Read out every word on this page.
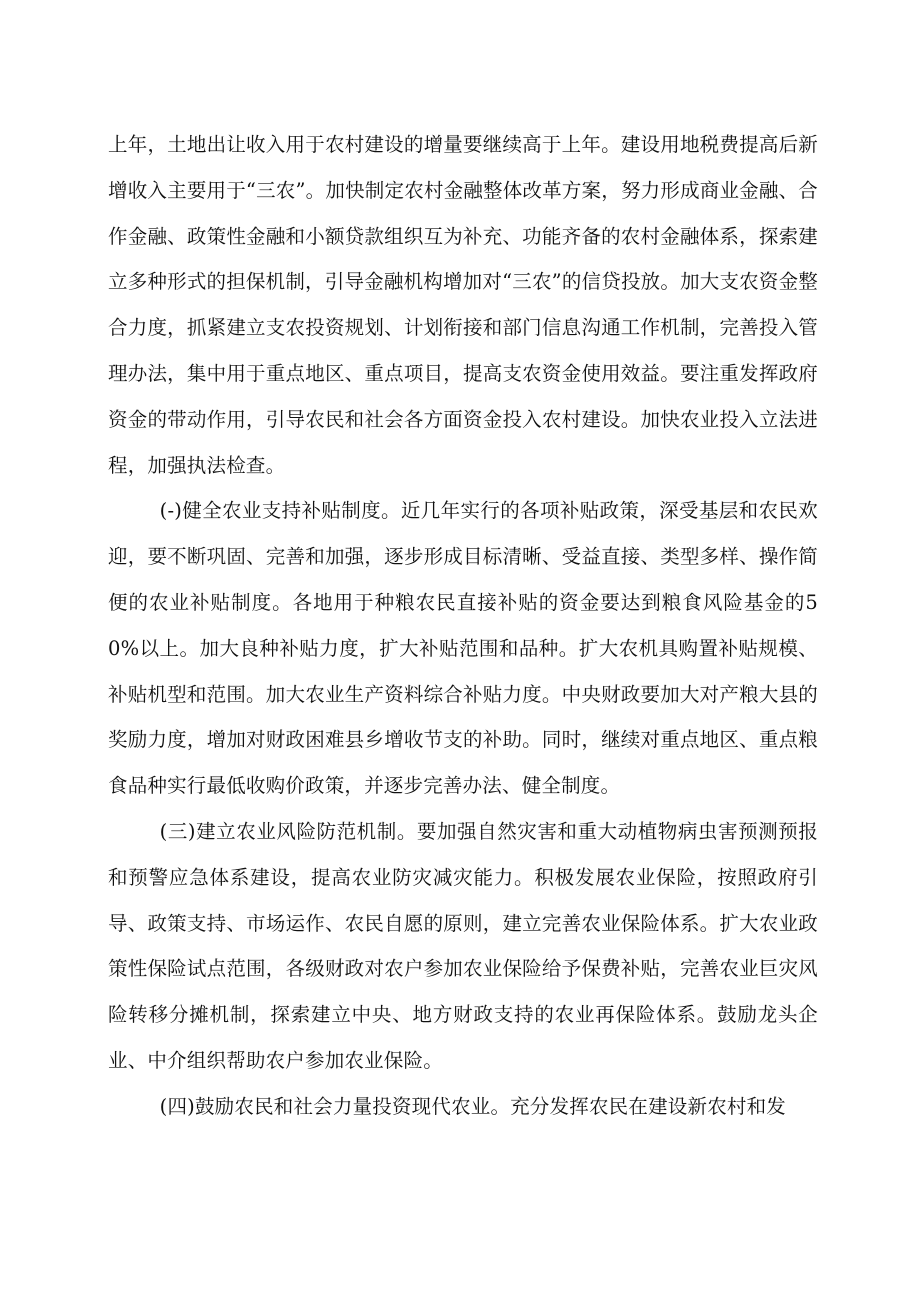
上年，土地出让收入用于农村建设的增量要继续高于上年。建设用地税费提高后新增收入主要用于“三农”。加快制定农村金融整体改革方案，努力形成商业金融、合作金融、政策性金融和小额贷款组织互为补充、功能齐备的农村金融体系，探索建立多种形式的担保机制，引导金融机构增加对“三农”的信贷投放。加大支农资金整合力度，抓紧建立支农投资规划、计划衔接和部门信息沟通工作机制，完善投入管理办法，集中用于重点地区、重点项目，提高支农资金使用效益。要注重发挥政府资金的带动作用，引导农民和社会各方面资金投入农村建设。加快农业投入立法进程，加强执法检查。

(-)健全农业支持补贴制度。近几年实行的各项补贴政策，深受基层和农民欢迎，要不断巩固、完善和加强，逐步形成目标清晰、受益直接、类型多样、操作简便的农业补贴制度。各地用于种粮农民直接补贴的资金要达到粮食风险基金的50%以上。加大良种补贴力度，扩大补贴范围和品种。扩大农机具购置补贴规模、补贴机型和范围。加大农业生产资料综合补贴力度。中央财政要加大对产粮大县的奖励力度，增加对财政困难县乡增收节支的补助。同时，继续对重点地区、重点粮食品种实行最低收购价政策，并逐步完善办法、健全制度。

(三)建立农业风险防范机制。要加强自然灾害和重大动植物病虫害预测预报和预警应急体系建设，提高农业防灾减灾能力。积极发展农业保险，按照政府引导、政策支持、市场运作、农民自愿的原则，建立完善农业保险体系。扩大农业政策性保险试点范围，各级财政对农户参加农业保险给予保费补贴，完善农业巨灾风险转移分摊机制，探索建立中央、地方财政支持的农业再保险体系。鼓励龙头企业、中介组织帮助农户参加农业保险。

(四)鼓励农民和社会力量投资现代农业。充分发挥农民在建设新农村和发
